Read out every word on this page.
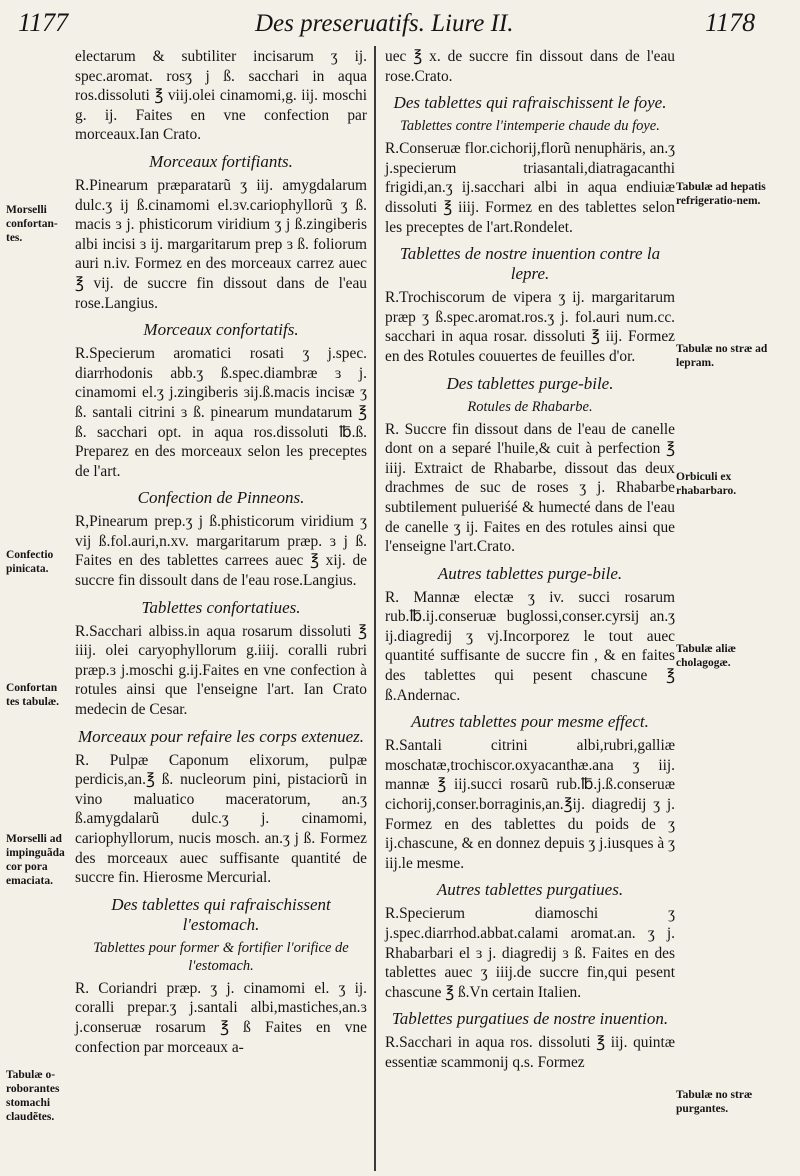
1177	Des preseruatifs. Liure II.	1178

electarum & subtiliter incisarum ʒ ij. spec.aromat. rosʒ j ß. sacchari in aqua ros.dissoluti ℥ viij.olei cinamomi,g. iij. moschi g. ij. Faites en vne confection par morceaux.Ian Crato.

Morceaux fortifiants.

R.Pinearum præparatarũ ʒ iij. amygdalarum dulc.ʒ ij ß.cinamomi el.ɜv.cariophyllorũ ʒ ß. macis ɜ j. phisticorum viridium ʒ j ß.zingiberis albi incisi ɜ ij. margaritarum prep ɜ ß. foliorum auri n.iv. Formez en des morceaux carrez auec ℥ vij. de succre fin dissout dans de l'eau rose.Langius.

Morceaux confortatifs.

R.Specierum aromatici rosati ʒ j.spec. diarrhodonis abb.ʒ ß.spec.diambræ ɜ j. cinamomi el.ʒ j.zingiberis ɜij.ß.macis incisæ ʒ ß. santali citrini ɜ ß. pinearum mundatarum ℥ ß. sacchari opt. in aqua ros.dissoluti ℔.ß. Preparez en des morceaux selon les preceptes de l'art.

Confection de Pinneons.

R,Pinearum prep.ʒ j ß.phisticorum viridium ʒ vij ß.fol.auri,n.xv. margaritarum præp. ɜ j ß. Faites en des tablettes carrees auec ℥ xij. de succre fin dissoult dans de l'eau rose.Langius.

Tablettes confortatiues.

R.Sacchari albiss.in aqua rosarum dissoluti ℥ iiij. olei caryophyllorum g.iiij. coralli rubri præp.ɜ j.moschi g.ij.Faites en vne confection à rotules ainsi que l'enseigne l'art. Ian Crato medecin de Cesar.

Morceaux pour refaire les corps extenuez.

R. Pulpæ Caponum elixorum, pulpæ perdicis,an.℥ ß. nucleorum pini, pistaciorũ in vino maluatico maceratorum, an.ʒ ß.amygdalarũ dulc.ʒ j. cinamomi, cariophyllorum, nucis mosch. an.ʒ j ß. Formez des morceaux auec suffisante quantité de succre fin. Hierosme Mercurial.

Des tablettes qui rafraischissent l'estomach.
Tablettes pour former & fortifier l'orifice de l'estomach.

R. Coriandri præp. ʒ j. cinamomi el. ʒ ij. coralli prepar.ʒ j.santali albi,mastiches,an.ɜ j.conseruæ rosarum ℥ ß Faites en vne confection par morceaux a-

uec ℥ x. de succre fin dissout dans de l'eau rose.Crato.

Des tablettes qui rafraischissent le foye.
Tablettes contre l'intemperie chaude du foye.

R.Conseruæ flor.cichorij,florũ nenuphäris, an.ʒ j.specierum triasantali,diatragacanthi frigidi,an.ʒ ij.sacchari albi in aqua endiuiæ dissoluti ℥ iiij. Formez en des tablettes selon les preceptes de l'art.Rondelet.

Tablettes de nostre inuention contre la lepre.

R.Trochiscorum de vipera ʒ ij. margaritarum præp ʒ ß.spec.aromat.ros.ʒ j. fol.auri num.cc. sacchari in aqua rosar. dissoluti ℥ iij. Formez en des Rotules couuertes de feuilles d'or.

Des tablettes purge-bile.
Rotules de Rhabarbe.

R. Succre fin dissout dans de l'eau de canelle dont on a separé l'huile,& cuit à perfection ℥ iiij. Extraict de Rhabarbe, dissout das deux drachmes de suc de roses ʒ j. Rhabarbe subtilement pulueriśé & humecté dans de l'eau de canelle ʒ ij. Faites en des rotules ainsi que l'enseigne l'art.Crato.

Autres tablettes purge-bile.

R. Mannæ electæ ʒ iv. succi rosarum rub.℔.ij.conseruæ buglossi,conser.cyrsij an.ʒ ij.diagredij ʒ vj.Incorporez le tout auec quantité suffisante de succre fin , & en faites des tablettes qui pesent chascune ℥ ß.Andernac.

Autres tablettes pour mesme effect.

R.Santali citrini albi,rubri,galliæ moschatæ,trochiscor.oxyacanthæ.ana ʒ iij. mannæ ℥ iij.succi rosarũ rub.℔.j.ß.conseruæ cichorij,conser.borraginis,an.℥ij. diagredij ʒ j. Formez en des tablettes du poids de ʒ ij.chascune, & en donnez depuis ʒ j.iusques à ʒ iij.le mesme.

Autres tablettes purgatiues.

R.Specierum diamoschi ʒ j.spec.diarrhod.abbat.calami aromat.an. ʒ j. Rhabarbari el ɜ j. diagredij ɜ ß. Faites en des tablettes auec ʒ iiij.de succre fin,qui pesent chascune ℥ ß.Vn certain Italien.

Tablettes purgatiues de nostre inuention.

R.Sacchari in aqua ros. dissoluti ℥ iij. quintæ essentiæ scammonij q.s. Formez

Morselli confortan-tes.
Confectio pinicata.
Confortan tes tabulæ.
Morselli ad impinguãda cor pora emaciata.
Tabulæ o-roborantes stomachi claudẽtes.
Tabulæ ad hepatis refrigeratio-nem.
Tabulæ no stræ ad lepram.
Orbiculi ex rhabarbaro.
Tabulæ aliæ cholagogæ.
Tabulæ no stræ purgantes.
